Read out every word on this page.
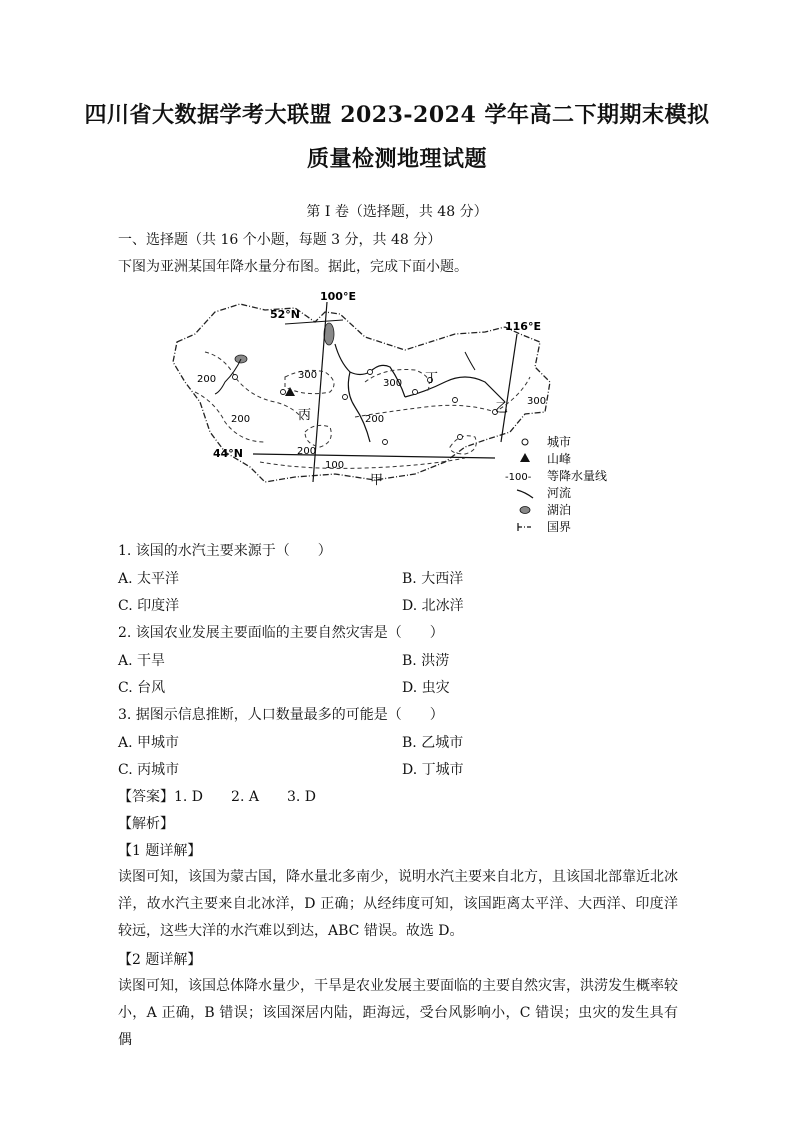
四川省大数据学考大联盟 2023-2024 学年高二下期期末模拟
质量检测地理试题
第 I 卷（选择题，共 48 分）
一、选择题（共 16 个小题，每题 3 分，共 48 分）
下图为亚洲某国年降水量分布图。据此，完成下面小题。
300
300
300
200
200	200
200
100
100°E
116°E
52°N
44°N
丙
丁
乙
甲
城市
山峰
-100- 等降水量线
河流
湖泊
国界
1. 该国的水汽主要来源于（　　）
A. 太平洋	B. 大西洋
C. 印度洋	D. 北冰洋
2. 该国农业发展主要面临的主要自然灾害是（　　）
A. 干旱	B. 洪涝
C. 台风	D. 虫灾
3. 据图示信息推断，人口数量最多的可能是（　　）
A. 甲城市	B. 乙城市
C. 丙城市	D. 丁城市
【答案】1. D　　2. A　　3. D
【解析】
【1 题详解】
读图可知，该国为蒙古国，降水量北多南少，说明水汽主要来自北方，且该国北部靠近北冰洋，故水汽主要来自北冰洋，D 正确；从经纬度可知，该国距离太平洋、大西洋、印度洋较远，这些大洋的水汽难以到达，ABC 错误。故选 D。
【2 题详解】
读图可知，该国总体降水量少，干旱是农业发展主要面临的主要自然灾害，洪涝发生概率较小，A 正确，B 错误；该国深居内陆，距海远，受台风影响小，C 错误；虫灾的发生具有偶
